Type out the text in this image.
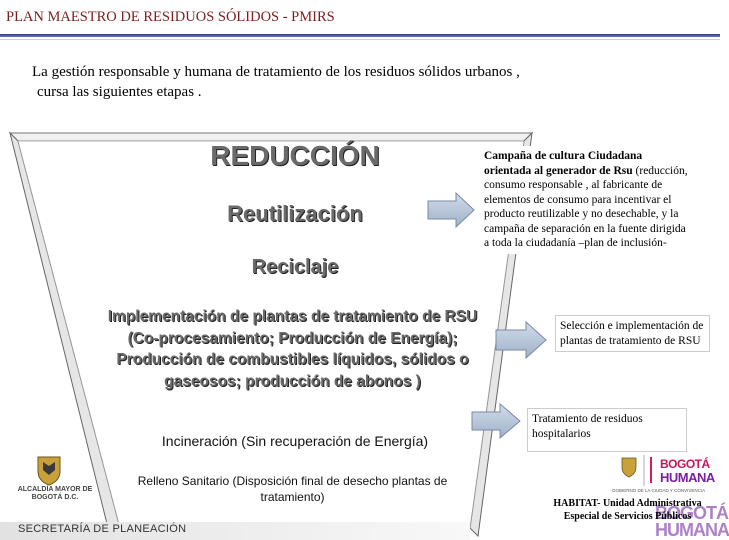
PLAN MAESTRO DE RESIDUOS SÓLIDOS - PMIRS
La gestión responsable y humana de tratamiento de los residuos sólidos urbanos ,
cursa las siguientes etapas .
REDUCCIÓN
Reutilización
Reciclaje
Implementación de plantas de tratamiento de RSU (Co-procesamiento; Producción de Energía); Producción de combustibles líquidos, sólidos o gaseosos; producción de abonos )
Incineración (Sin recuperación de Energía)
Relleno Sanitario (Disposición final de desecho plantas de tratamiento)
Campaña de cultura Ciudadana orientada al generador de Rsu (reducción, consumo responsable , al fabricante de elementos de consumo para incentivar el producto reutilizable y no desechable, y la campaña de separación en la fuente dirigida a toda la ciudadanía –plan de inclusión-
Selección e implementación de plantas de tratamiento de RSU
Tratamiento de residuos hospitalarios
ALCALDÍA MAYOR DE BOGOTÁ D.C.
SECRETARÍA DE PLANEACIÓN
BOGOTÁ
HUMANA
GOBIERNO DE LA CIUDAD Y CONVIVENCIA
BOGOTÁ
HUMANA
HABITAT- Unidad Administrativa
Especial de Servicios Públicos
